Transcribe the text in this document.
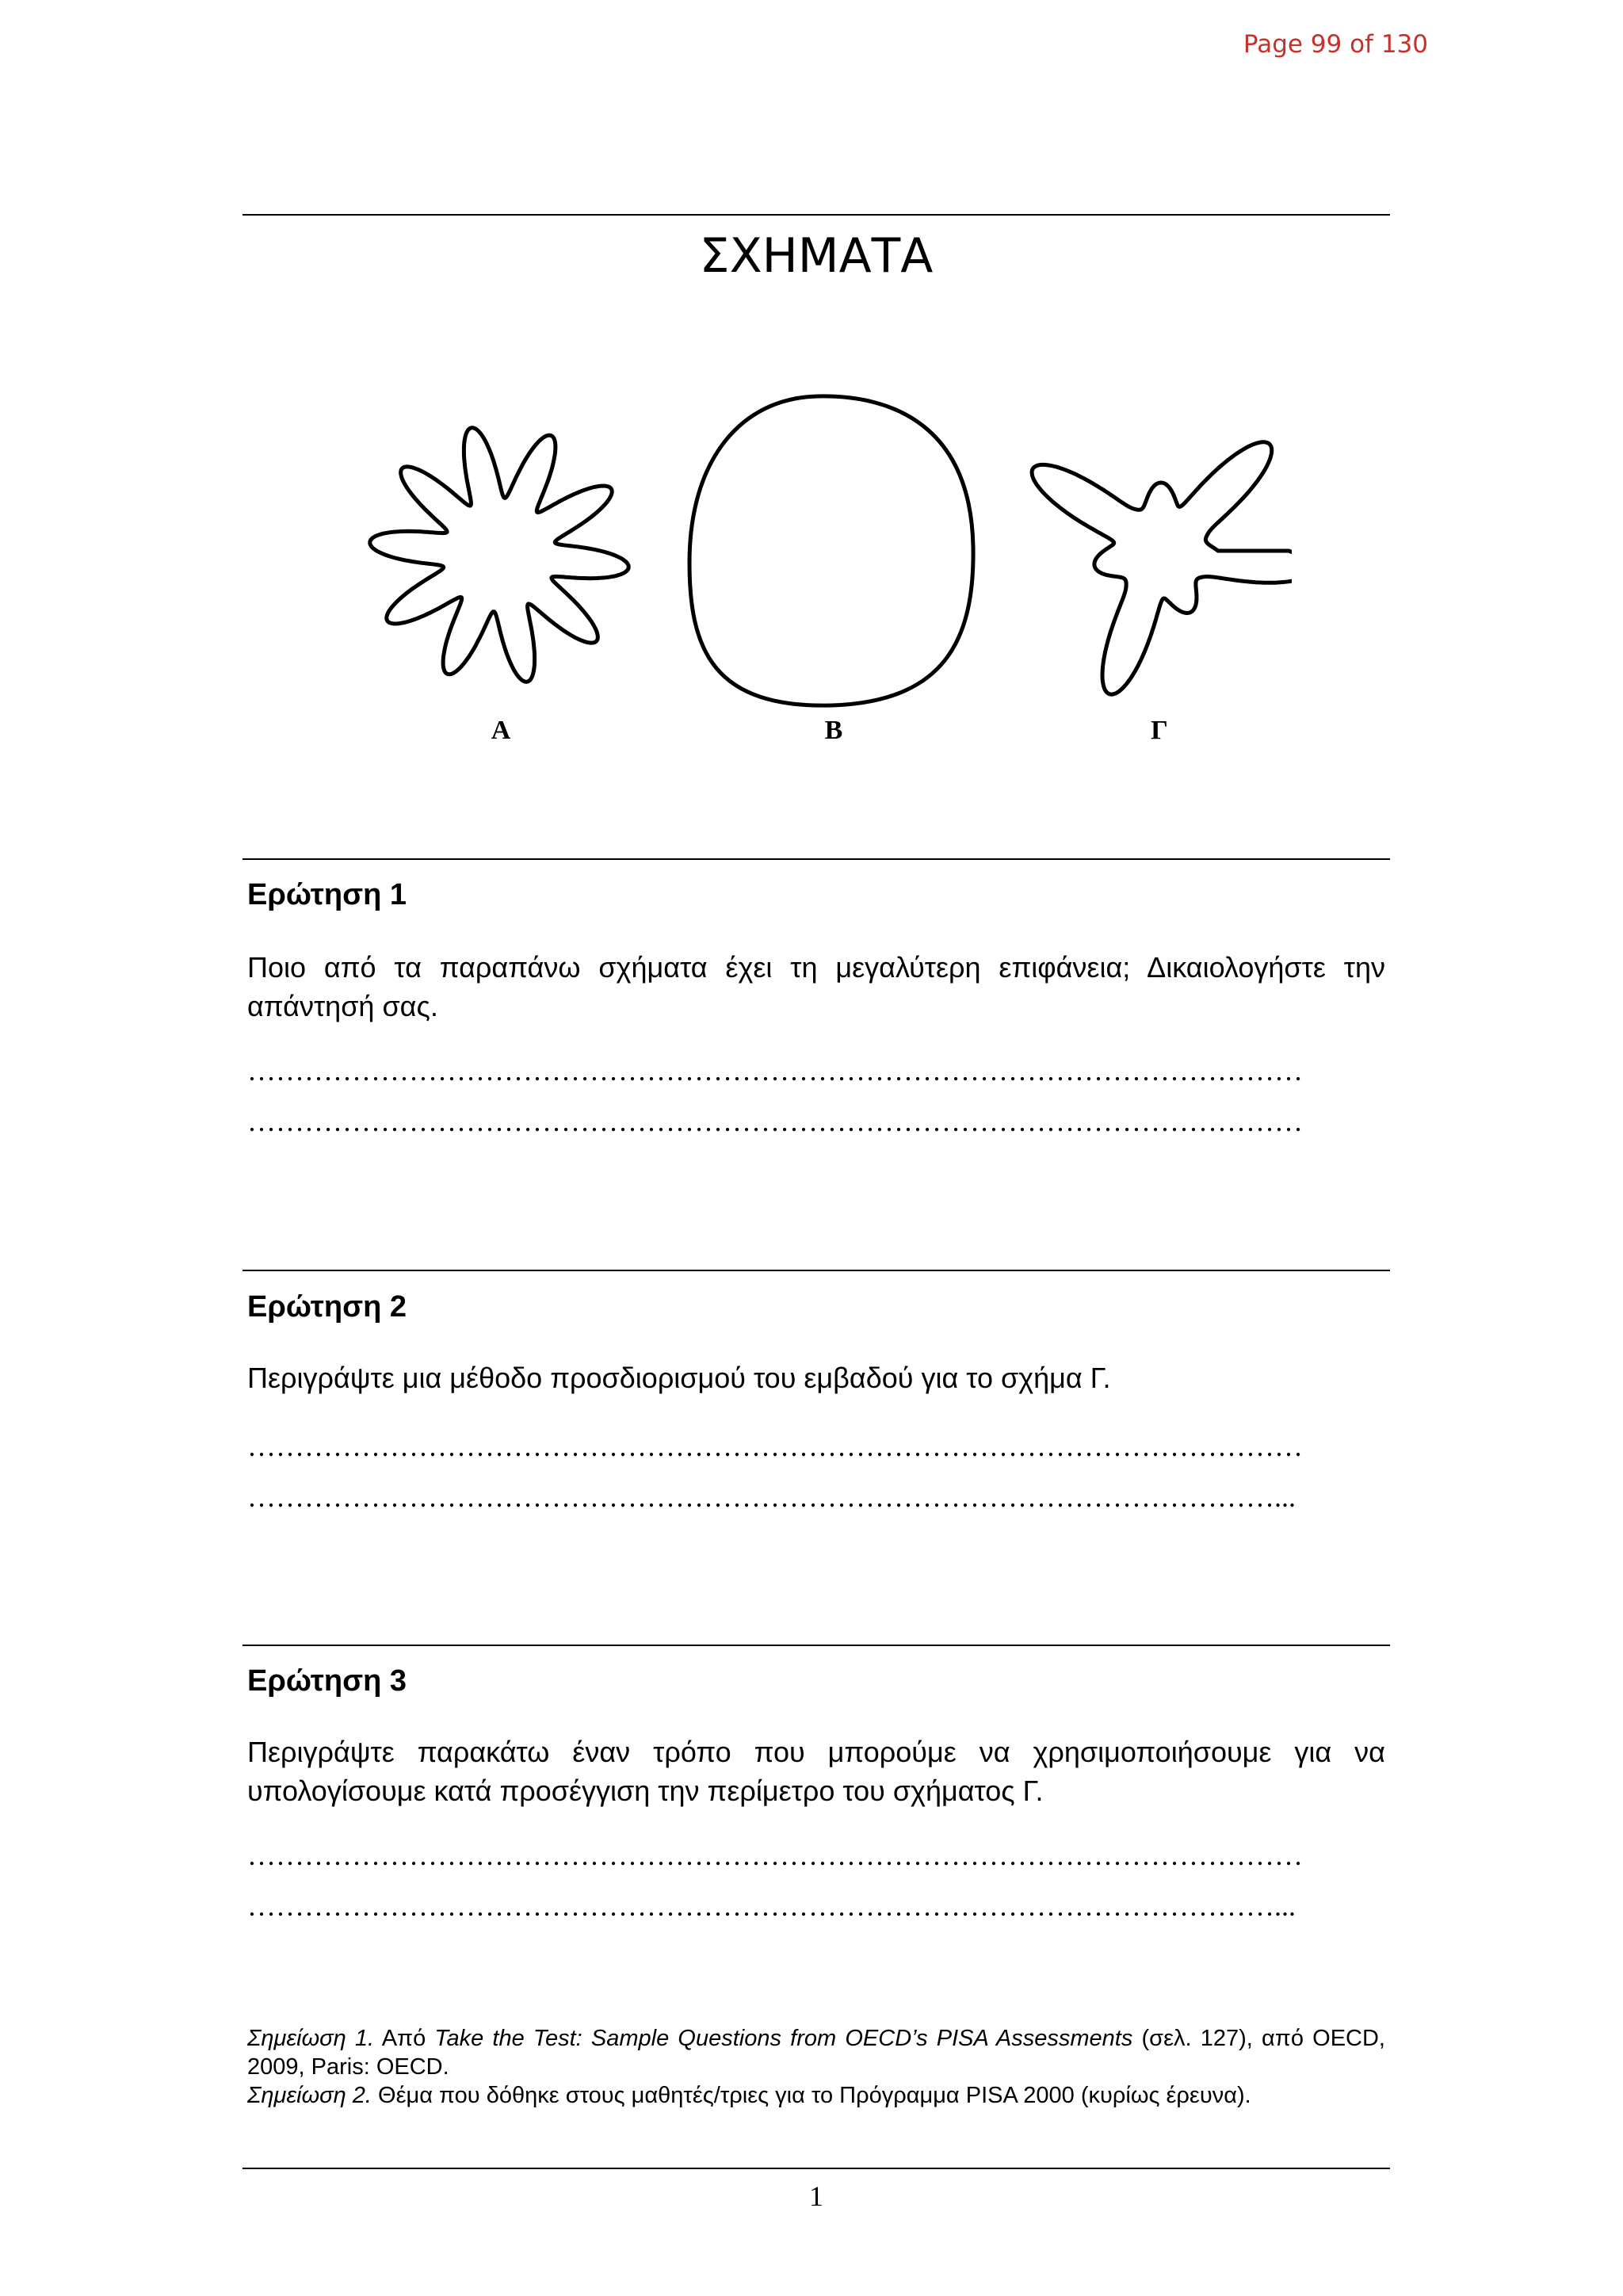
Page 99 of 130
ΣΧΗΜΑΤΑ
A	B	Γ
Ερώτηση 1

Ποιο από τα παραπάνω σχήματα έχει τη μεγαλύτερη επιφάνεια; Δικαιολογήστε την απάντησή σας.

…………………………………………………………………………………………………
…………………………………………………………………………………………………
Ερώτηση 2

Περιγράψτε μια μέθοδο προσδιορισμού του εμβαδού για το σχήμα Γ.

…………………………………………………………………………………………………
………………………………………………………………………………………………...
Ερώτηση 3

Περιγράψτε παρακάτω έναν τρόπο που μπορούμε να χρησιμοποιήσουμε για να υπολογίσουμε κατά προσέγγιση την περίμετρο του σχήματος Γ.

…………………………………………………………………………………………………
………………………………………………………………………………………………...
Σημείωση 1. Από Take the Test: Sample Questions from OECD’s PISA Assessments (σελ. 127), από OECD, 2009, Paris: OECD.
Σημείωση 2. Θέμα που δόθηκε στους μαθητές/τριες για το Πρόγραμμα PISA 2000 (κυρίως έρευνα).
1
